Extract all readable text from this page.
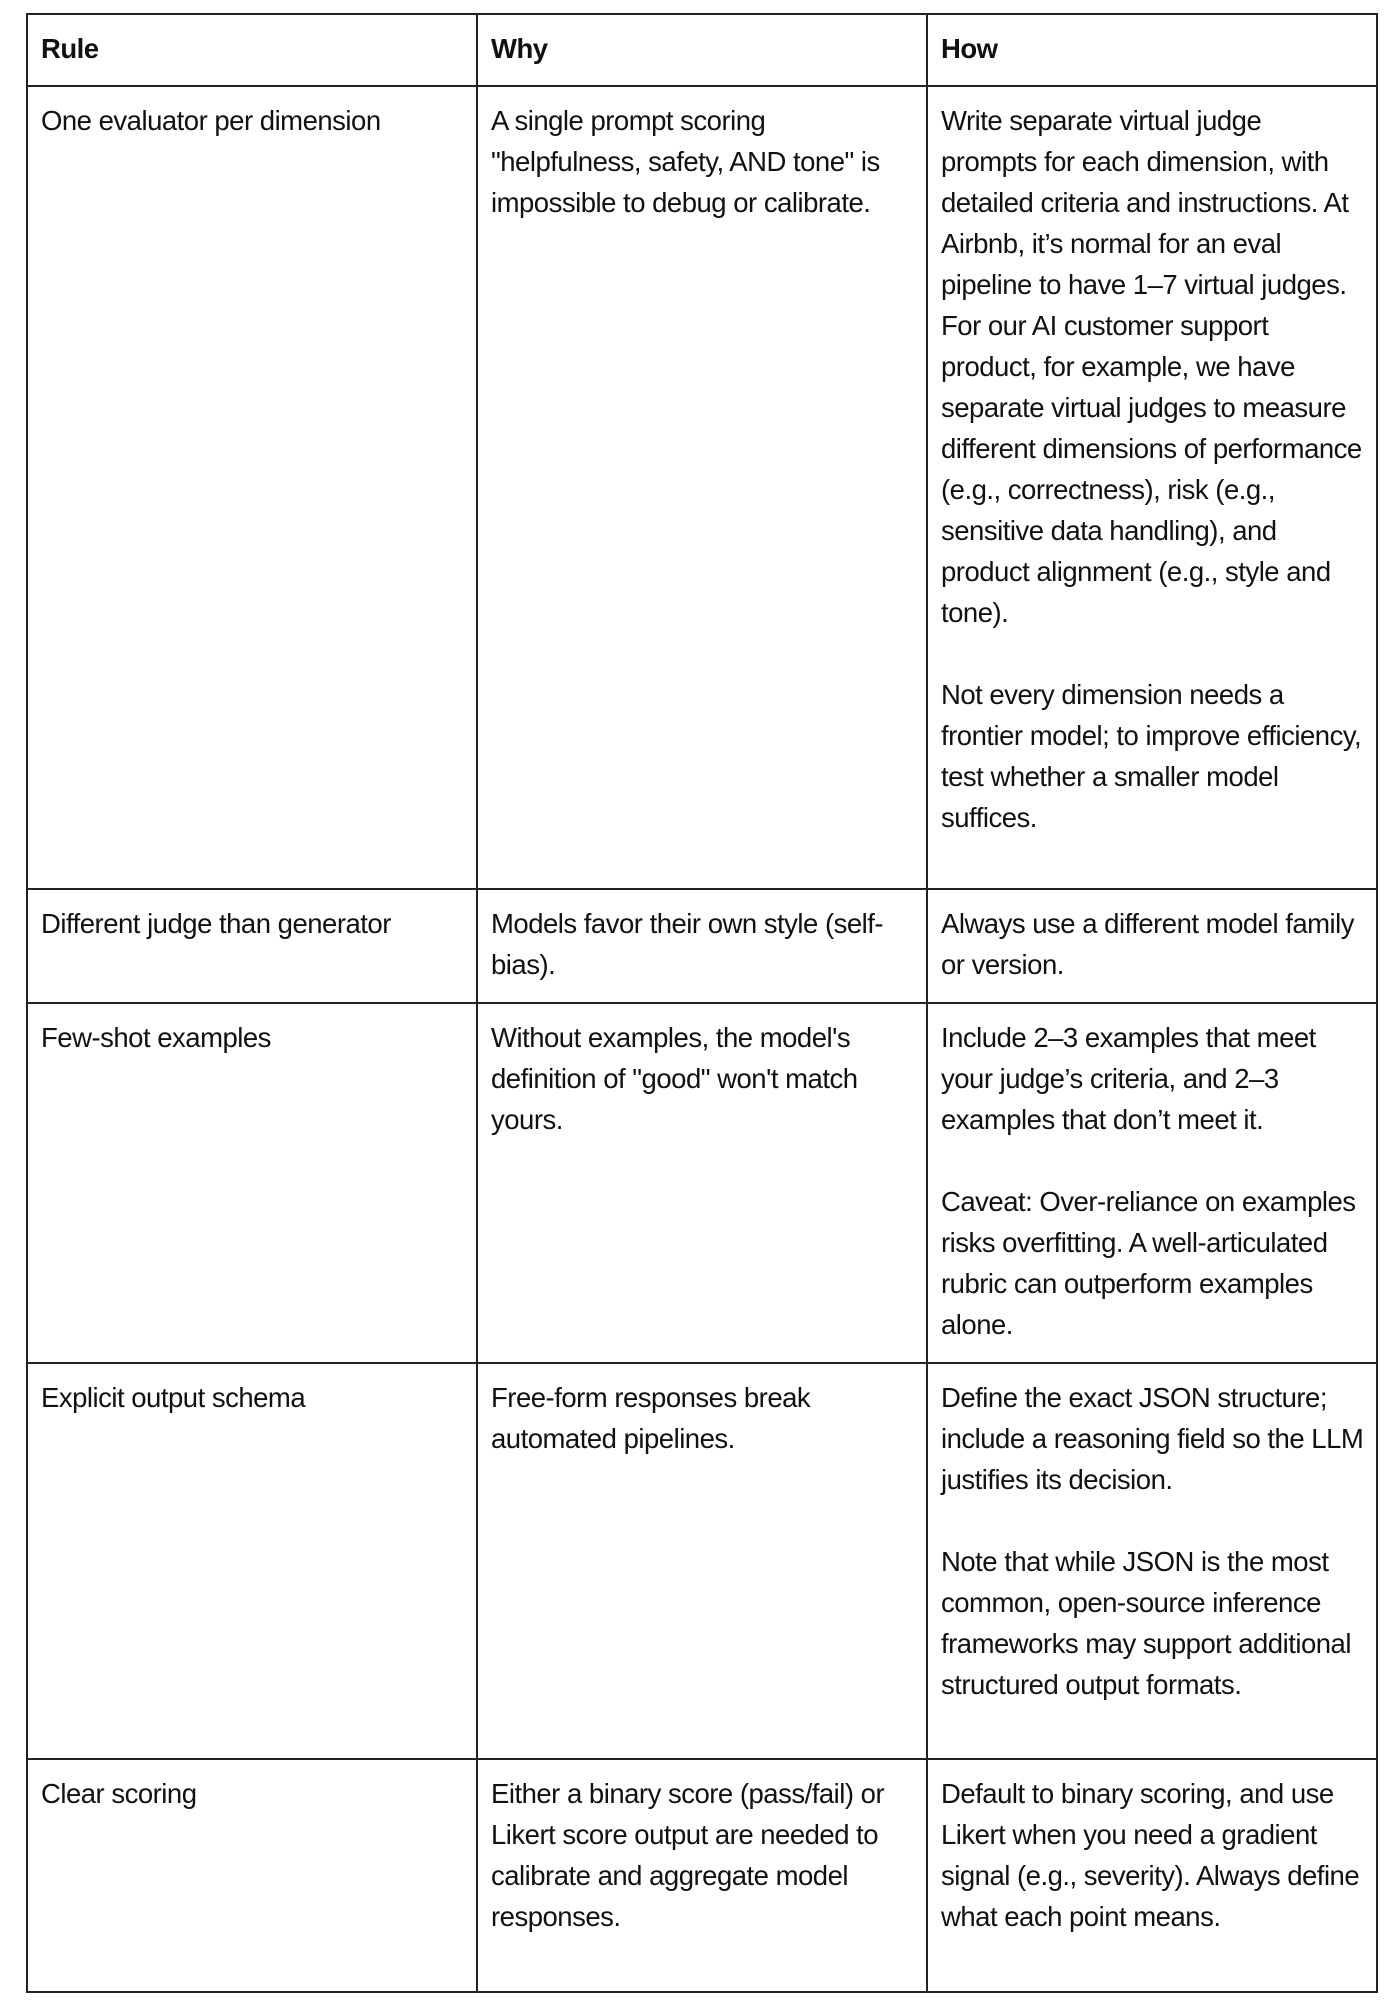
Rule	Why	How
One evaluator per dimension	A single prompt scoring "helpfulness, safety, AND tone" is impossible to debug or calibrate.	Write separate virtual judge prompts for each dimension, with detailed criteria and instructions. At Airbnb, it’s normal for an eval pipeline to have 1–7 virtual judges. For our AI customer support product, for example, we have separate virtual judges to measure different dimensions of performance (e.g., correctness), risk (e.g., sensitive data handling), and product alignment (e.g., style and tone).
Not every dimension needs a frontier model; to improve efficiency, test whether a smaller model suffices.

Different judge than generator	Models favor their own style (self-bias).	Always use a different model family or version.

Few-shot examples	Without examples, the model's definition of "good" won't match yours.	Include 2–3 examples that meet your judge’s criteria, and 2–3 examples that don’t meet it.
Caveat: Over-reliance on examples risks overfitting. A well-articulated rubric can outperform examples alone.

Explicit output schema	Free-form responses break automated pipelines.	Define the exact JSON structure; include a reasoning field so the LLM justifies its decision.
Note that while JSON is the most common, open-source inference frameworks may support additional structured output formats.

Clear scoring	Either a binary score (pass/fail) or Likert score output are needed to calibrate and aggregate model responses.	Default to binary scoring, and use Likert when you need a gradient signal (e.g., severity). Always define what each point means.
